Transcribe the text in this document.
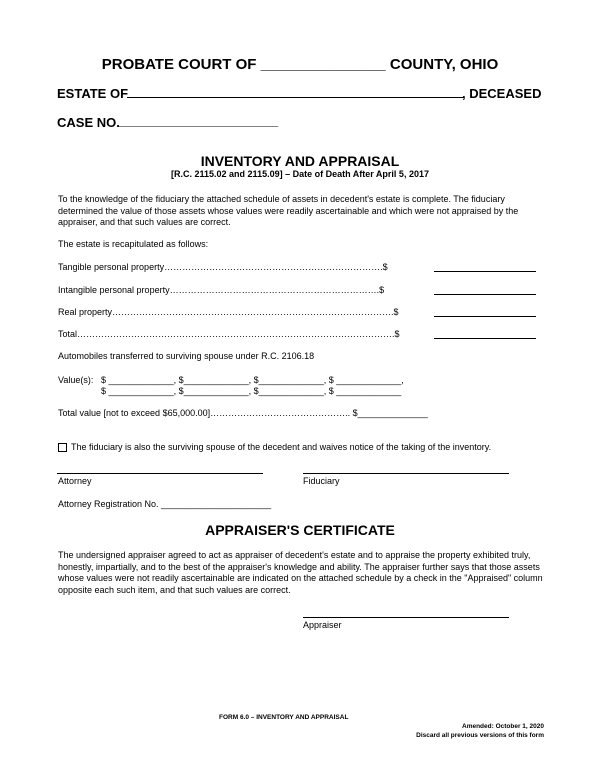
PROBATE COURT OF _______________ COUNTY, OHIO
ESTATE OF	, DECEASED
CASE NO. ______________________
INVENTORY AND APPRAISAL
[R.C. 2115.02 and 2115.09] – Date of Death After April 5, 2017
To the knowledge of the fiduciary the attached schedule of assets in decedent's estate is complete. The fiduciary determined the value of those assets whose values were readily ascertainable and which were not appraised by the appraiser, and that such values are correct.
The estate is recapitulated as follows:
Tangible personal property……………………………………………………………….$
Intangible personal property…………………………………………………………….$
Real property………………………………………………………………………………….$
Total…………………………………………………………………………………………….$
Automobiles transferred to surviving spouse under R.C. 2106.18
Value(s): $ _____________, $_____________, $_____________, $ _____________,
$ _____________, $_____________, $_____________, $ _____________
Total value [not to exceed $65,000.00]……………………………………….. $______________
The fiduciary is also the surviving spouse of the decedent and waives notice of the taking of the inventory.
Attorney	Fiduciary
Attorney Registration No. ______________________
APPRAISER'S CERTIFICATE
The undersigned appraiser agreed to act as appraiser of decedent's estate and to appraise the property exhibited truly, honestly, impartially, and to the best of the appraiser's knowledge and ability. The appraiser further says that those assets whose values were not readily ascertainable are indicated on the attached schedule by a check in the "Appraised" column opposite each such item, and that such values are correct.
Appraiser
FORM 6.0 – INVENTORY AND APPRAISAL
Amended: October 1, 2020
Discard all previous versions of this form
